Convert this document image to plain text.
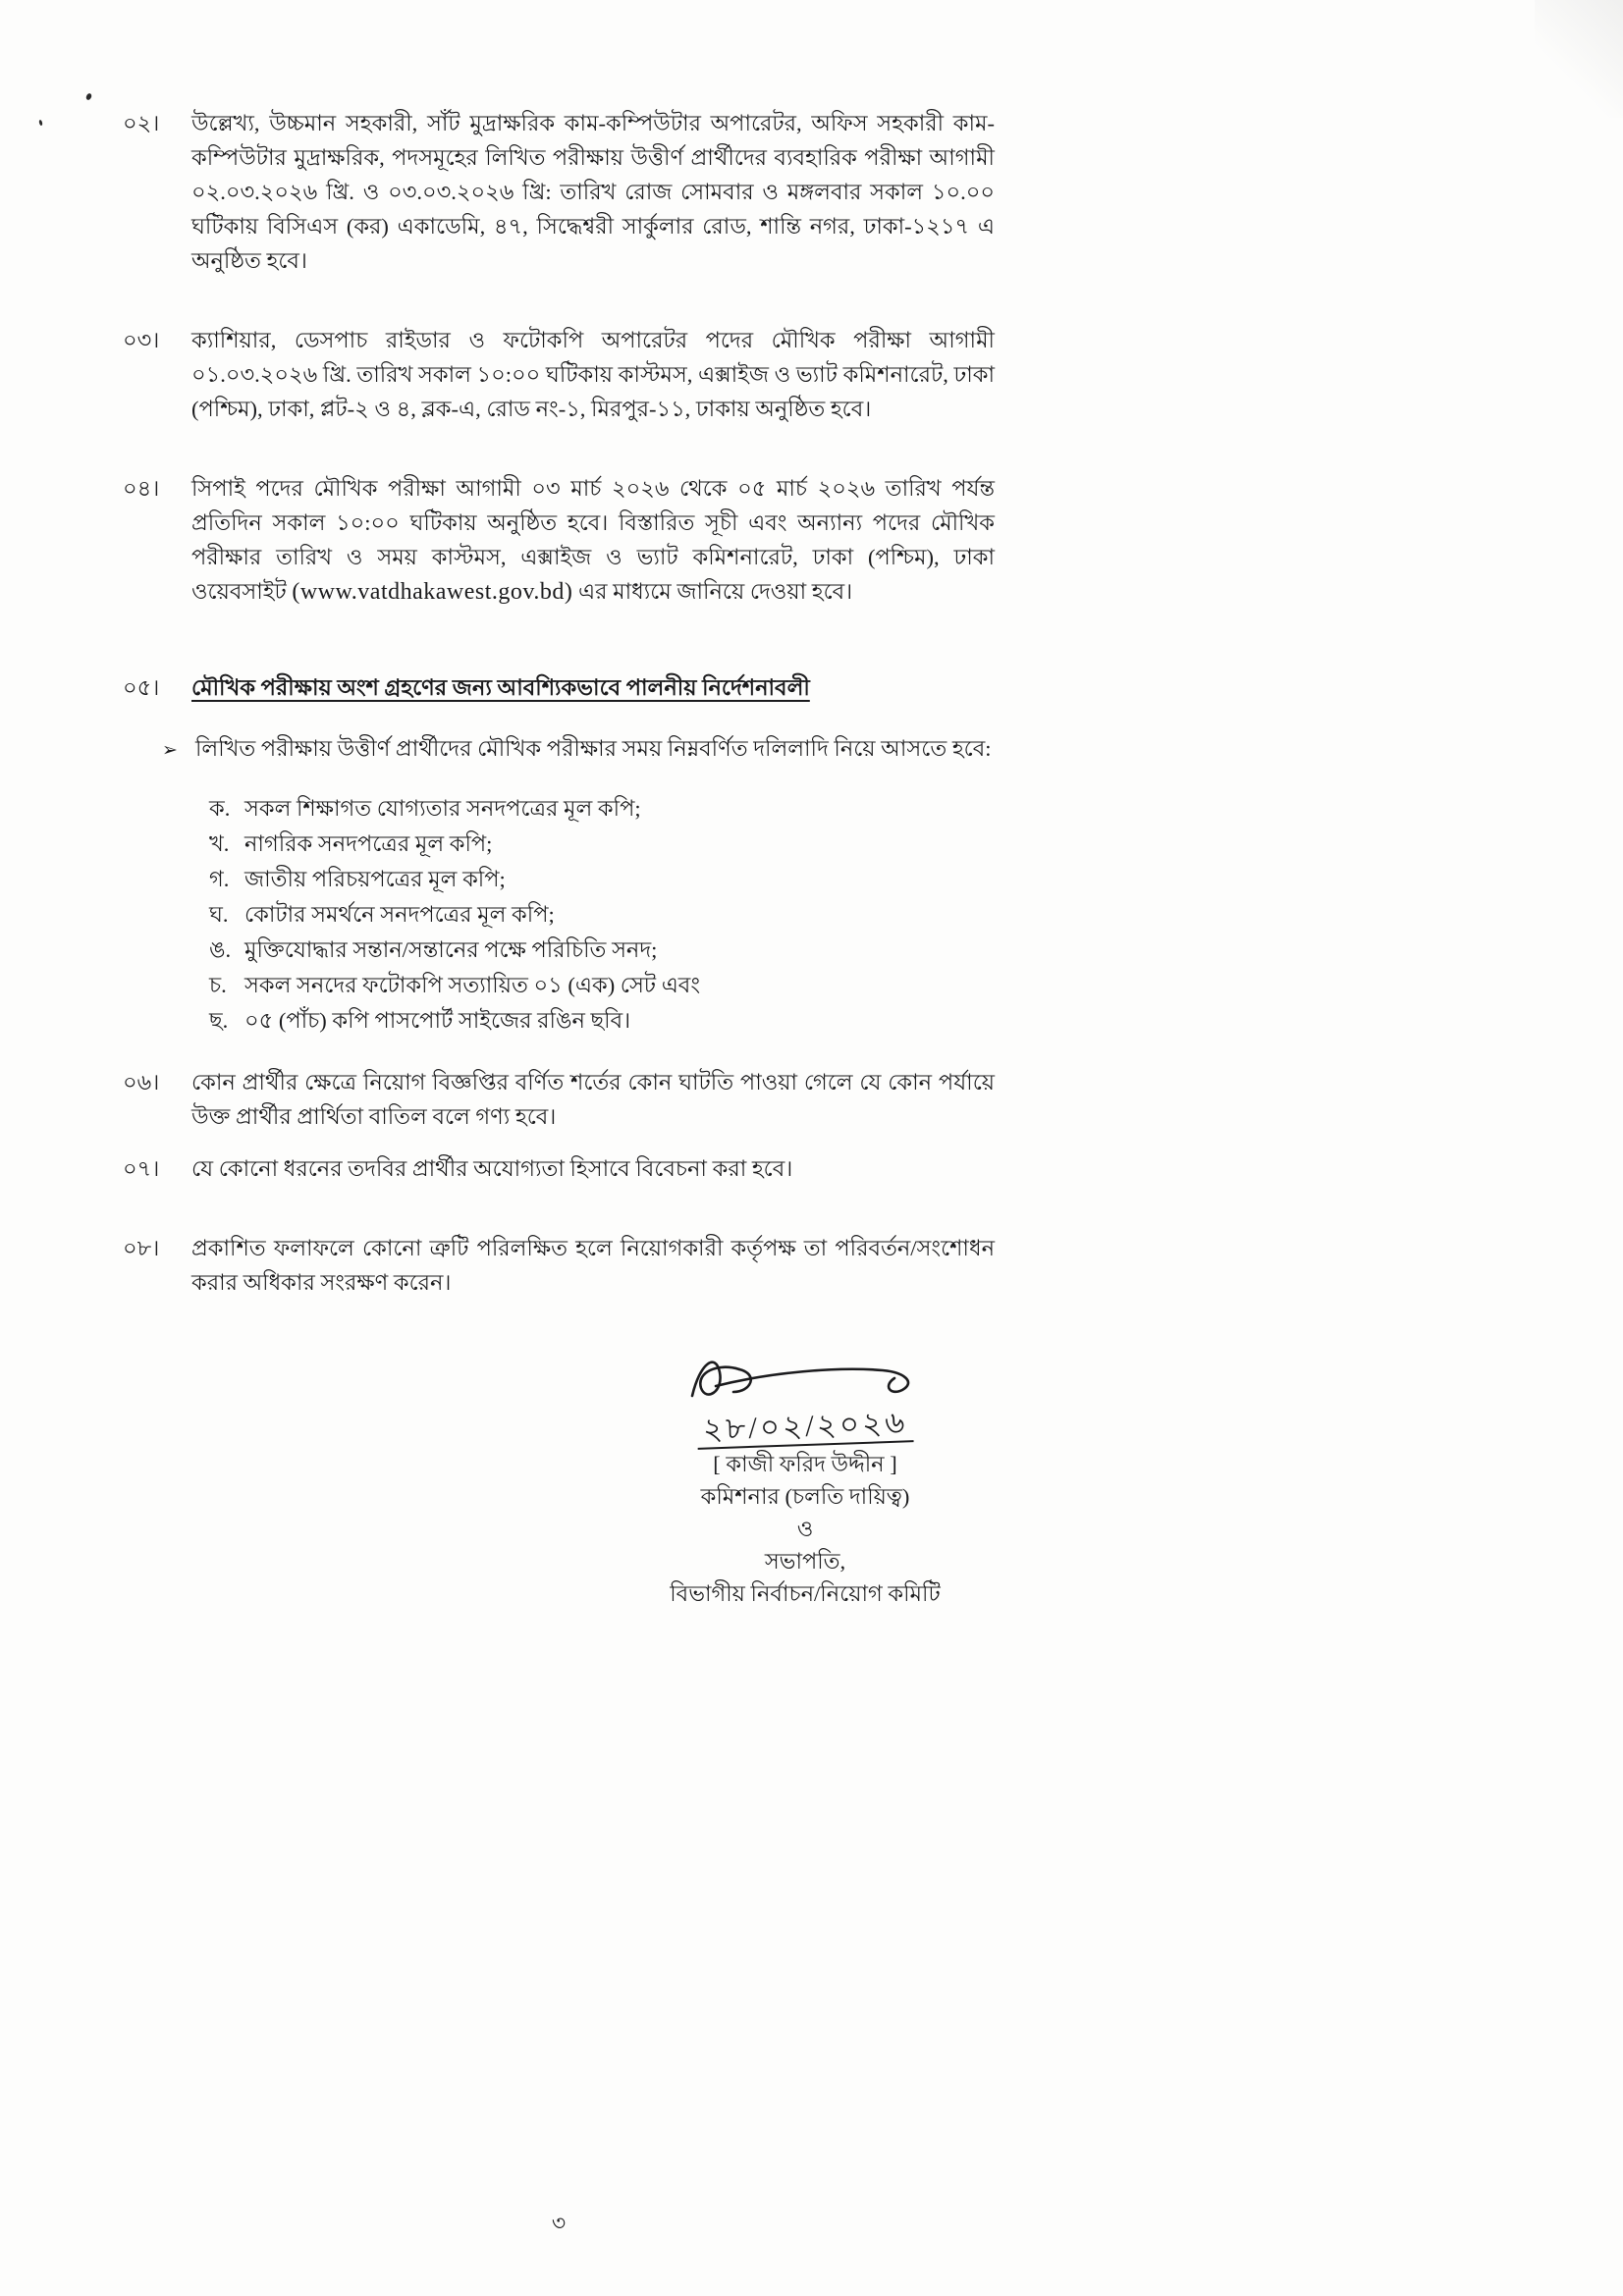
০২।	উল্লেখ্য, উচ্চমান সহকারী, সাঁট মুদ্রাক্ষরিক কাম-কম্পিউটার অপারেটর, অফিস সহকারী কাম-কম্পিউটার মুদ্রাক্ষরিক, পদসমূহের লিখিত পরীক্ষায় উত্তীর্ণ প্রার্থীদের ব্যবহারিক পরীক্ষা আগামী ০২.০৩.২০২৬ খ্রি. ও ০৩.০৩.২০২৬ খ্রি: তারিখ রোজ সোমবার ও মঙ্গলবার সকাল ১০.০০ ঘটিকায় বিসিএস (কর) একাডেমি, ৪৭, সিদ্ধেশ্বরী সার্কুলার রোড, শান্তি নগর, ঢাকা-১২১৭ এ অনুষ্ঠিত হবে।
০৩।	ক্যাশিয়ার, ডেসপাচ রাইডার ও ফটোকপি অপারেটর পদের মৌখিক পরীক্ষা আগামী ০১.০৩.২০২৬ খ্রি. তারিখ সকাল ১০:০০ ঘটিকায় কাস্টমস, এক্সাইজ ও ভ্যাট কমিশনারেট, ঢাকা (পশ্চিম), ঢাকা, প্লট-২ ও ৪, ব্লক-এ, রোড নং-১, মিরপুর-১১, ঢাকায় অনুষ্ঠিত হবে।
০৪।	সিপাই পদের মৌখিক পরীক্ষা আগামী ০৩ মার্চ ২০২৬ থেকে ০৫ মার্চ ২০২৬ তারিখ পর্যন্ত প্রতিদিন সকাল ১০:০০ ঘটিকায় অনুষ্ঠিত হবে। বিস্তারিত সূচী এবং অন্যান্য পদের মৌখিক পরীক্ষার তারিখ ও সময় কাস্টমস, এক্সাইজ ও ভ্যাট কমিশনারেট, ঢাকা (পশ্চিম), ঢাকা ওয়েবসাইট (www.vatdhakawest.gov.bd) এর মাধ্যমে জানিয়ে দেওয়া হবে।
০৫।	মৌখিক পরীক্ষায় অংশ গ্রহণের জন্য আবশ্যিকভাবে পালনীয় নির্দেশনাবলী
➢ লিখিত পরীক্ষায় উত্তীর্ণ প্রার্থীদের মৌখিক পরীক্ষার সময় নিম্নবর্ণিত দলিলাদি নিয়ে আসতে হবে:
ক. সকল শিক্ষাগত যোগ্যতার সনদপত্রের মূল কপি;
খ. নাগরিক সনদপত্রের মূল কপি;
গ. জাতীয় পরিচয়পত্রের মূল কপি;
ঘ. কোটার সমর্থনে সনদপত্রের মূল কপি;
ঙ. মুক্তিযোদ্ধার সন্তান/সন্তানের পক্ষে পরিচিতি সনদ;
চ. সকল সনদের ফটোকপি সত্যায়িত ০১ (এক) সেট এবং
ছ. ০৫ (পাঁচ) কপি পাসপোর্ট সাইজের রঙিন ছবি।
০৬।	কোন প্রার্থীর ক্ষেত্রে নিয়োগ বিজ্ঞপ্তির বর্ণিত শর্তের কোন ঘাটতি পাওয়া গেলে যে কোন পর্যায়ে উক্ত প্রার্থীর প্রার্থিতা বাতিল বলে গণ্য হবে।
০৭।	যে কোনো ধরনের তদবির প্রার্থীর অযোগ্যতা হিসাবে বিবেচনা করা হবে।
০৮।	প্রকাশিত ফলাফলে কোনো ত্রুটি পরিলক্ষিত হলে নিয়োগকারী কর্তৃপক্ষ তা পরিবর্তন/সংশোধন করার অধিকার সংরক্ষণ করেন।
২৮/০২/২০২৬
[ কাজী ফরিদ উদ্দীন ]
কমিশনার (চলতি দায়িত্ব)
ও
সভাপতি,
বিভাগীয় নির্বাচন/নিয়োগ কমিটি
৩
